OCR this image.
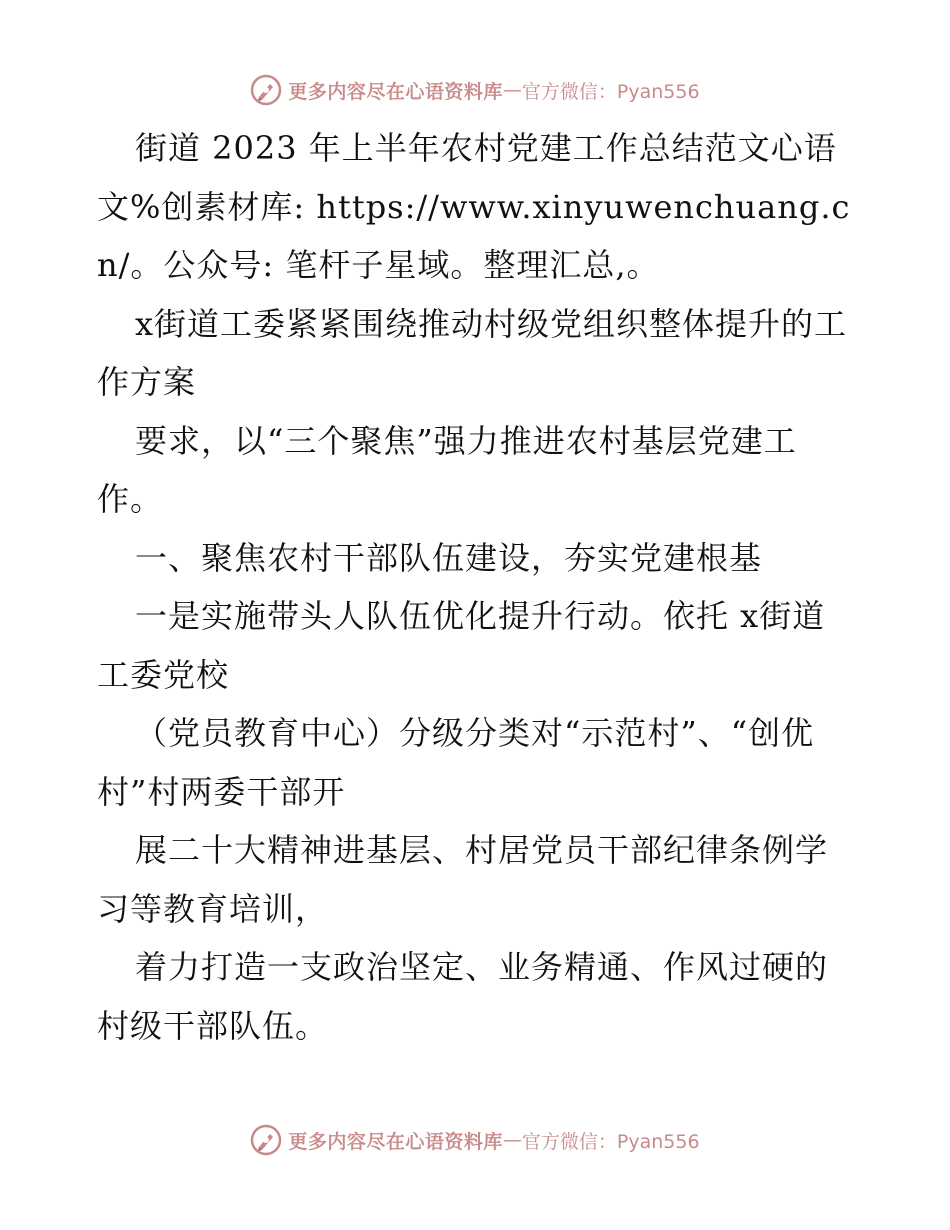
更多内容尽在心语资料库 — 官方微信：Pyan556

街道 2023 年上半年农村党建工作总结范文心语文%创素材库: https://www.xinyuwenchuang.cn/。公众号: 笔杆子星域。整理汇总,。

x街道工委紧紧围绕推动村级党组织整体提升的工作方案

要求，以“三个聚焦”强力推进农村基层党建工作。

一、聚焦农村干部队伍建设，夯实党建根基

一是实施带头人队伍优化提升行动。依托 x街道工委党校

（党员教育中心）分级分类对“示范村”、“创优村”村两委干部开

展二十大精神进基层、村居党员干部纪律条例学习等教育培训，

着力打造一支政治坚定、业务精通、作风过硬的村级干部队伍。

更多内容尽在心语资料库 — 官方微信：Pyan556
